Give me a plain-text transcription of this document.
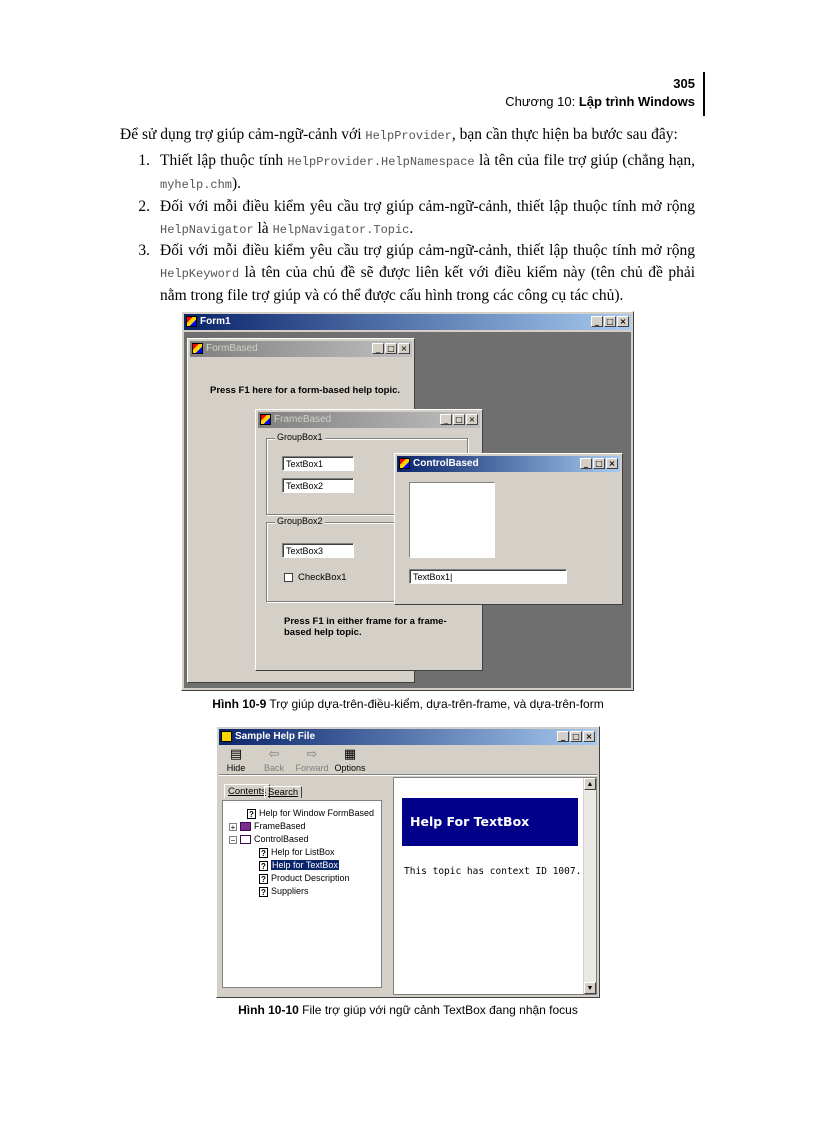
305
Chương 10: Lập trình Windows
Để sử dụng trợ giúp cảm-ngữ-cảnh với HelpProvider, bạn cần thực hiện ba bước sau đây:
1. Thiết lập thuộc tính HelpProvider.HelpNamespace là tên của file trợ giúp (chẳng hạn, myhelp.chm).
2. Đối với mỗi điều kiểm yêu cầu trợ giúp cảm-ngữ-cảnh, thiết lập thuộc tính mở rộng HelpNavigator là HelpNavigator.Topic.
3. Đối với mỗi điều kiểm yêu cầu trợ giúp cảm-ngữ-cảnh, thiết lập thuộc tính mở rộng HelpKeyword là tên của chủ đề sẽ được liên kết với điều kiểm này (tên chủ đề phải nằm trong file trợ giúp và có thể được cấu hình trong các công cụ tác chủ).
Form1	_ □ ×
FormBased	_ □ ×
Press F1 here for a form-based help topic.
FrameBased	_ □ ×
GroupBox1
TextBox1
TextBox2
GroupBox2
TextBox3
CheckBox1
Press F1 in either frame for a frame-based help topic.
ControlBased	_ □ ×
TextBox1|
Hình 10-9 Trợ giúp dựa-trên-điều-kiểm, dựa-trên-frame, và dựa-trên-form
Sample Help File	_ □ ×
▤
Hide
⇦
Back
⇨
Forward
▦
Options
Contents Search
Help For TextBox
This topic has context ID 1007.
▲
▼
? Help for Window FormBased
+ FrameBased
− ControlBased
? Help for ListBox
? Help for TextBox
? Product Description
? Suppliers
Hình 10-10 File trợ giúp với ngữ cảnh TextBox đang nhận focus
